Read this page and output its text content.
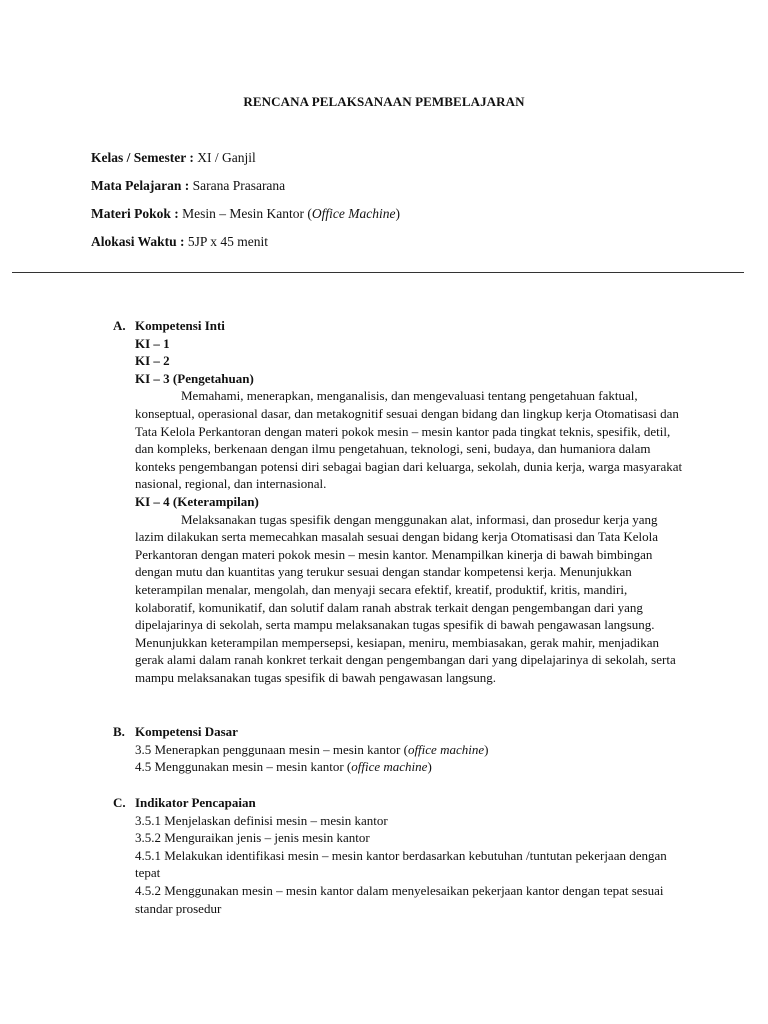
RENCANA PELAKSANAAN PEMBELAJARAN
Kelas / Semester : XI / Ganjil
Mata Pelajaran : Sarana Prasarana
Materi Pokok : Mesin – Mesin Kantor (Office Machine)
Alokasi Waktu : 5JP x 45 menit
A. Kompetensi Inti
KI – 1
KI – 2
KI – 3 (Pengetahuan)

Memahami, menerapkan, menganalisis, dan mengevaluasi tentang pengetahuan faktual, konseptual, operasional dasar, dan metakognitif sesuai dengan bidang dan lingkup kerja Otomatisasi dan Tata Kelola Perkantoran dengan materi pokok mesin – mesin kantor pada tingkat teknis, spesifik, detil, dan kompleks, berkenaan dengan ilmu pengetahuan, teknologi, seni, budaya, dan humaniora dalam konteks pengembangan potensi diri sebagai bagian dari keluarga, sekolah, dunia kerja, warga masyarakat nasional, regional, dan internasional.

KI – 4 (Keterampilan)

Melaksanakan tugas spesifik dengan menggunakan alat, informasi, dan prosedur kerja yang lazim dilakukan serta memecahkan masalah sesuai dengan bidang kerja Otomatisasi dan Tata Kelola Perkantoran dengan materi pokok mesin – mesin kantor. Menampilkan kinerja di bawah bimbingan dengan mutu dan kuantitas yang terukur sesuai dengan standar kompetensi kerja. Menunjukkan keterampilan menalar, mengolah, dan menyaji secara efektif, kreatif, produktif, kritis, mandiri, kolaboratif, komunikatif, dan solutif dalam ranah abstrak terkait dengan pengembangan dari yang dipelajarinya di sekolah, serta mampu melaksanakan tugas spesifik di bawah pengawasan langsung. Menunjukkan keterampilan mempersepsi, kesiapan, meniru, membiasakan, gerak mahir, menjadikan gerak alami dalam ranah konkret terkait dengan pengembangan dari yang dipelajarinya di sekolah, serta mampu melaksanakan tugas spesifik di bawah pengawasan langsung.

B. Kompetensi Dasar

3.5 Menerapkan penggunaan mesin – mesin kantor (office machine)

4.5 Menggunakan mesin – mesin kantor (office machine)

C. Indikator Pencapaian

3.5.1 Menjelaskan definisi mesin – mesin kantor

3.5.2 Menguraikan jenis – jenis mesin kantor

4.5.1 Melakukan identifikasi mesin – mesin kantor berdasarkan kebutuhan /tuntutan pekerjaan dengan tepat

4.5.2 Menggunakan mesin – mesin kantor dalam menyelesaikan pekerjaan kantor dengan tepat sesuai standar prosedur
